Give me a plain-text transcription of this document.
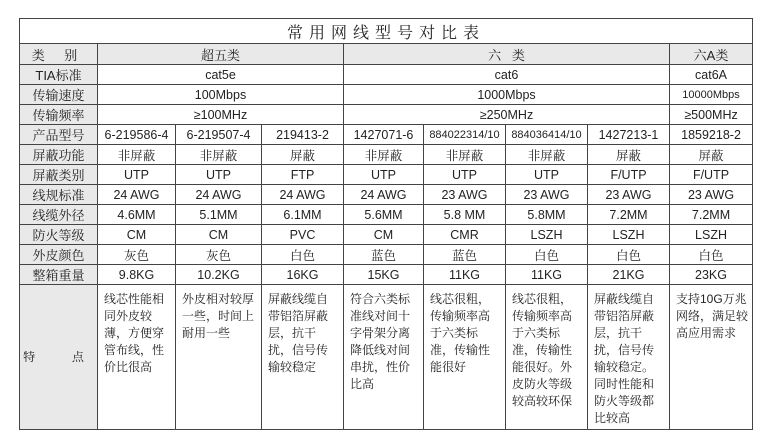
常用网线型号对比表								
类 别	超五类			六   类				六A类
TIA标准	cat5e			cat6				cat6A
传输速度	100Mbps			1000Mbps				10000Mbps
传输频率	≥100MHz			≥250MHz				≥500MHz
产品型号	6-219586-4	6-219507-4	219413-2	1427071-6	884022314/10	884036414/10	1427213-1	1859218-2
屏蔽功能	非屏蔽	非屏蔽	屏蔽	非屏蔽	非屏蔽	非屏蔽	屏蔽	屏蔽
屏蔽类别	UTP	UTP	FTP	UTP	UTP	UTP	F/UTP	F/UTP
线规标准	24 AWG	24 AWG	24 AWG	24 AWG	23 AWG	23 AWG	23 AWG	23 AWG
线缆外径	4.6MM	5.1MM	6.1MM	5.6MM	5.8 MM	5.8MM	7.2MM	7.2MM
防火等级	CM	CM	PVC	CM	CMR	LSZH	LSZH	LSZH
外皮颜色	灰色	灰色	白色	蓝色	蓝色	白色	白色	白色
整箱重量	9.8KG	10.2KG	16KG	15KG	11KG	11KG	21KG	23KG
特  点	线芯性能相同外皮较薄，方便穿管布线，性价比很高	外皮相对较厚一些，时间上耐用一些	屏蔽线缆自带铝箔屏蔽层，抗干扰，信号传输较稳定	符合六类标准线对间十字骨架分离降低线对间串扰，性价比高	线芯很粗，传输频率高于六类标准，传输性能很好	线芯很粗，传输频率高于六类标准，传输性能很好。外皮防火等级较高较环保	屏蔽线缆自带铝箔屏蔽层，抗干扰，信号传输较稳定。同时性能和防火等级都比较高	支持10G万兆网络，满足较高应用需求
